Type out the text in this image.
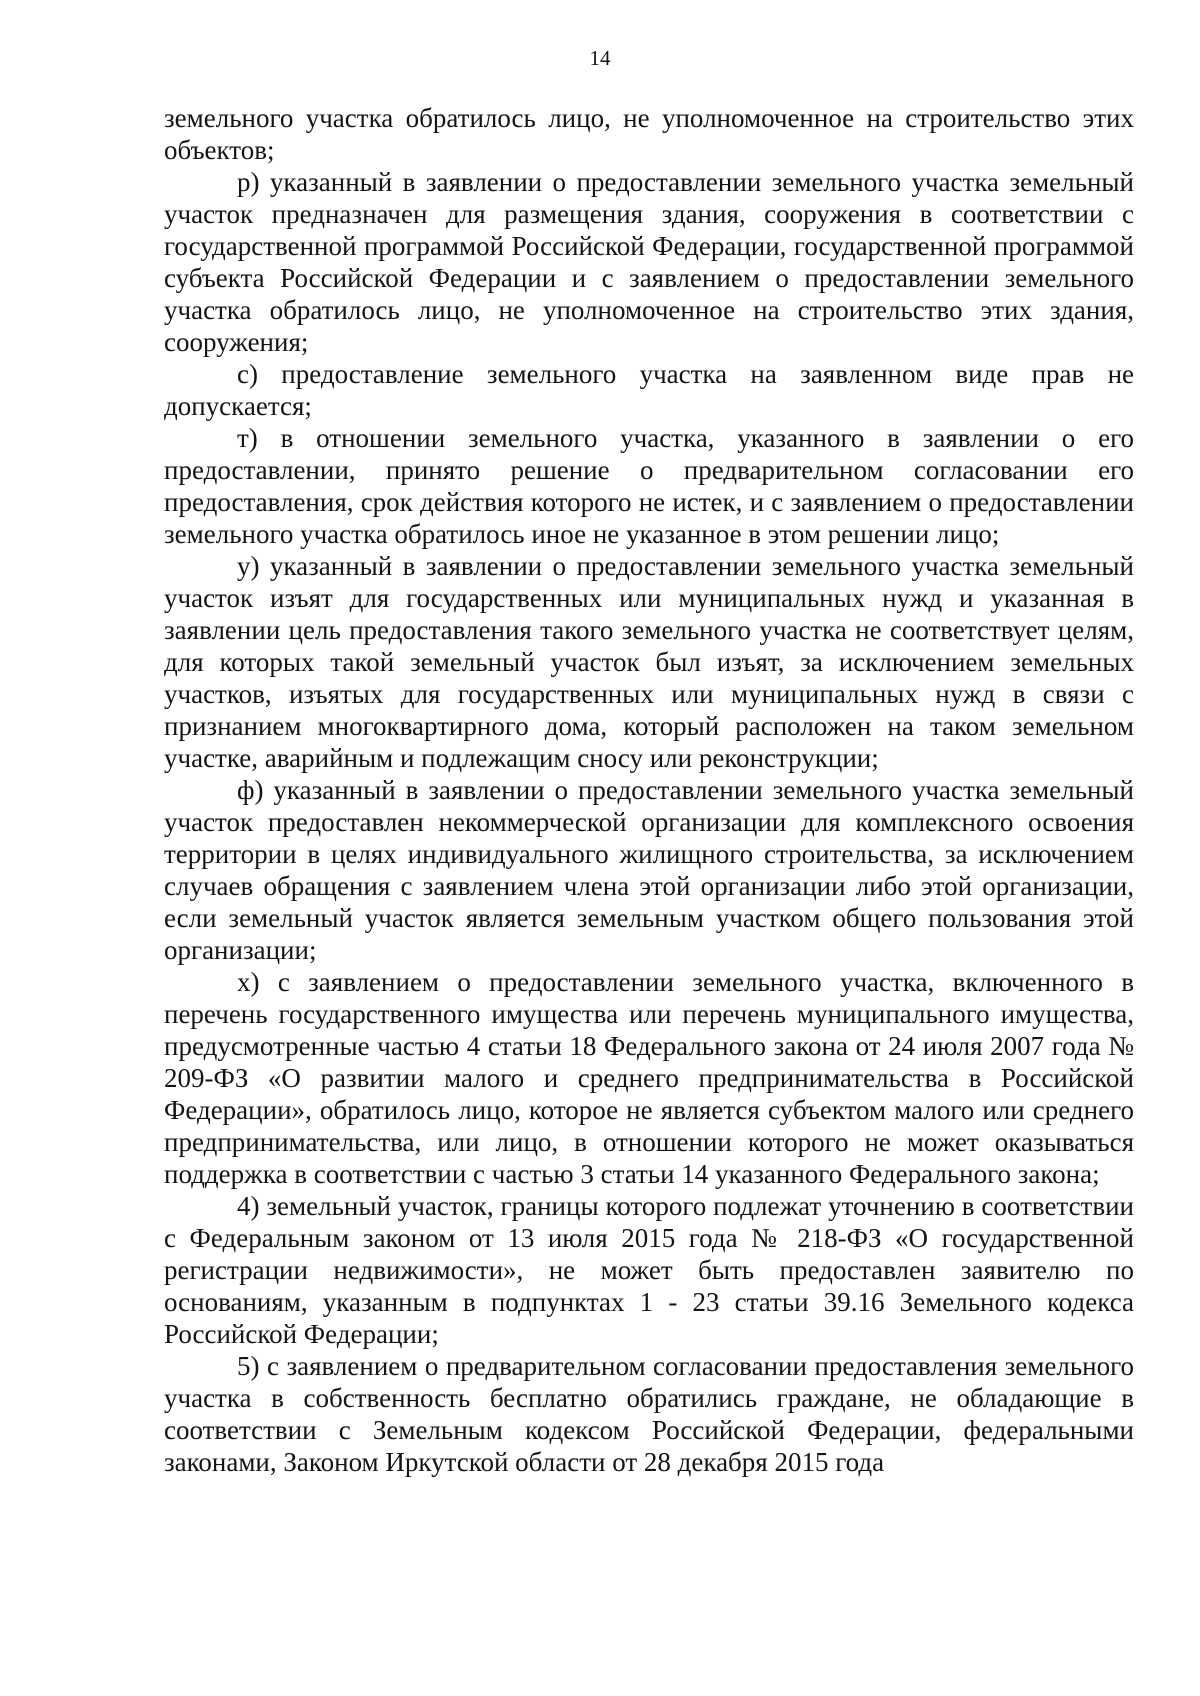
14

земельного участка обратилось лицо, не уполномоченное на строительство этих объектов;

р) указанный в заявлении о предоставлении земельного участка земельный участок предназначен для размещения здания, сооружения в соответствии с государственной программой Российской Федерации, государственной программой субъекта Российской Федерации и с заявлением о предоставлении земельного участка обратилось лицо, не уполномоченное на строительство этих здания, сооружения;

с) предоставление земельного участка на заявленном виде прав не допускается;

т) в отношении земельного участка, указанного в заявлении о его предоставлении, принято решение о предварительном согласовании его предоставления, срок действия которого не истек, и с заявлением о предоставлении земельного участка обратилось иное не указанное в этом решении лицо;

у) указанный в заявлении о предоставлении земельного участка земельный участок изъят для государственных или муниципальных нужд и указанная в заявлении цель предоставления такого земельного участка не соответствует целям, для которых такой земельный участок был изъят, за исключением земельных участков, изъятых для государственных или муниципальных нужд в связи с признанием многоквартирного дома, который расположен на таком земельном участке, аварийным и подлежащим сносу или реконструкции;

ф) указанный в заявлении о предоставлении земельного участка земельный участок предоставлен некоммерческой организации для комплексного освоения территории в целях индивидуального жилищного строительства, за исключением случаев обращения с заявлением члена этой организации либо этой организации, если земельный участок является земельным участком общего пользования этой организации;

х) с заявлением о предоставлении земельного участка, включенного в перечень государственного имущества или перечень муниципального имущества, предусмотренные частью 4 статьи 18 Федерального закона от 24 июля 2007 года № 209-ФЗ «О развитии малого и среднего предпринимательства в Российской Федерации», обратилось лицо, которое не является субъектом малого или среднего предпринимательства, или лицо, в отношении которого не может оказываться поддержка в соответствии с частью 3 статьи 14 указанного Федерального закона;

4) земельный участок, границы которого подлежат уточнению в соответствии с Федеральным законом от 13 июля 2015 года № 218-ФЗ «О государственной регистрации недвижимости», не может быть предоставлен заявителю по основаниям, указанным в подпунктах 1 - 23 статьи 39.16 Земельного кодекса Российской Федерации;

5) с заявлением о предварительном согласовании предоставления земельного участка в собственность бесплатно обратились граждане, не обладающие в соответствии с Земельным кодексом Российской Федерации, федеральными законами, Законом Иркутской области от 28 декабря 2015 года
